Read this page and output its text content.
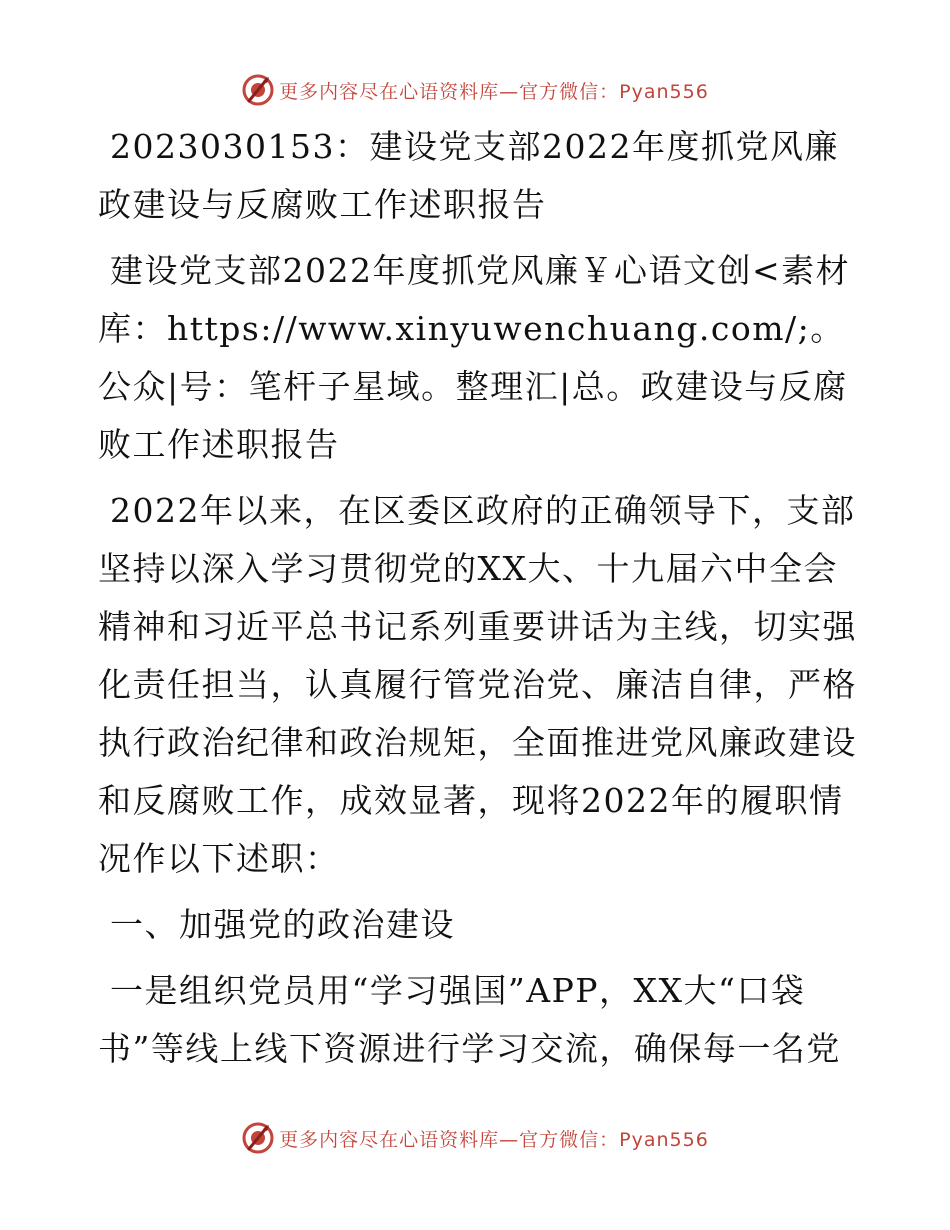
更多内容尽在心语资料库—官方微信：Pyan556

2023030153：建设党支部2022年度抓党风廉政建设与反腐败工作述职报告

建设党支部2022年度抓党风廉￥心语文创<素材库：https://www.xinyuwenchuang.com/;。公众|号：笔杆子星域。整理汇|总。政建设与反腐败工作述职报告

2022年以来，在区委区政府的正确领导下，支部坚持以深入学习贯彻党的XX大、十九届六中全会精神和习近平总书记系列重要讲话为主线，切实强化责任担当，认真履行管党治党、廉洁自律，严格执行政治纪律和政治规矩，全面推进党风廉政建设和反腐败工作，成效显著，现将2022年的履职情况作以下述职：

一、加强党的政治建设

一是组织党员用“学习强国”APP，XX大“口袋书”等线上线下资源进行学习交流，确保每一名党

更多内容尽在心语资料库—官方微信：Pyan556
